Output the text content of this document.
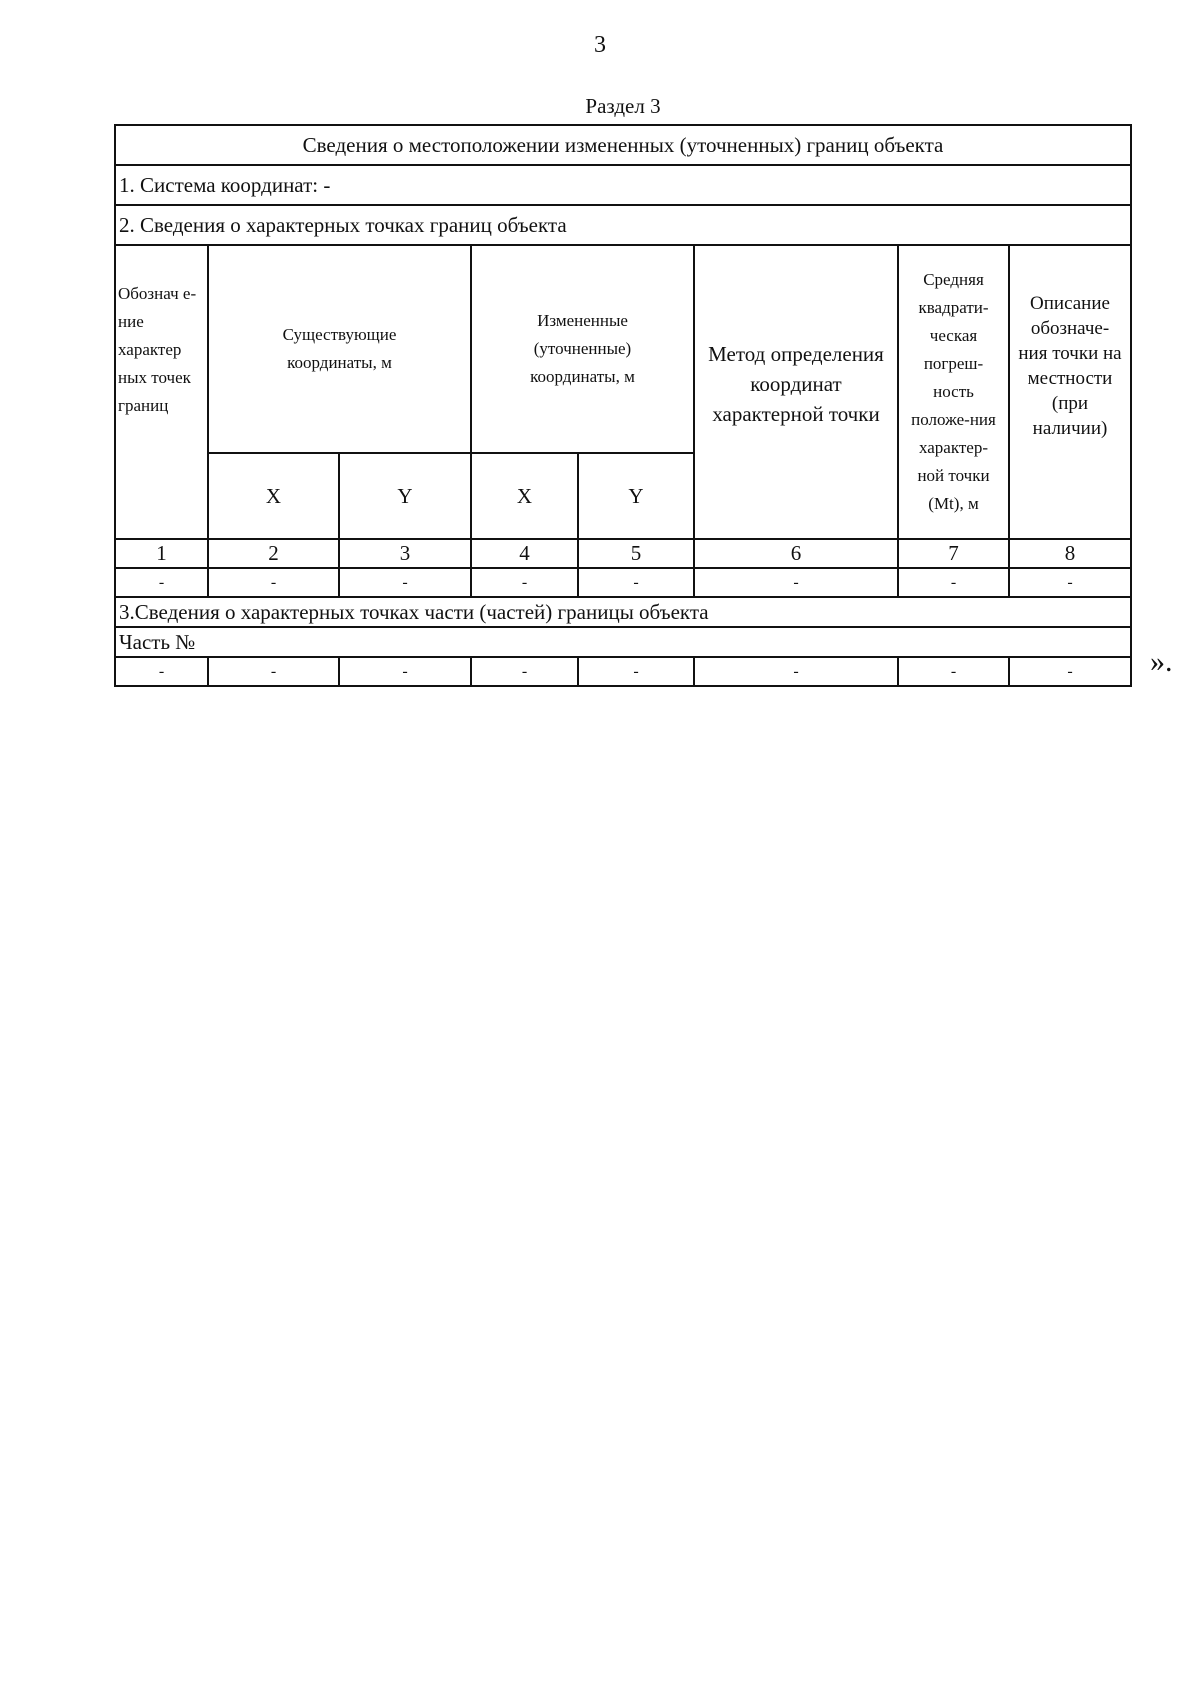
3
Раздел 3
Сведения о местоположении измененных (уточненных) границ объекта							
1. Система координат: -							
2. Сведения о характерных точках границ объекта							

Обознач е-ние характер ных точек границ	Существующие координаты, м		Измененные (уточненные) координаты, м		Метод определения координат характерной точки	Средняя квадрати-ческая погреш-ность положе-ния характер-ной точки (Mt), м	Описание обозначе-ния точки на местности (при наличии)

	X	Y	X	Y			
1	2	3	4	5	6	7	8
-	-	-	-	-	-	-	-
3.Сведения о характерных точках части (частей) границы объекта							
Часть №							
-	-	-	-	-	-	-	-	».
